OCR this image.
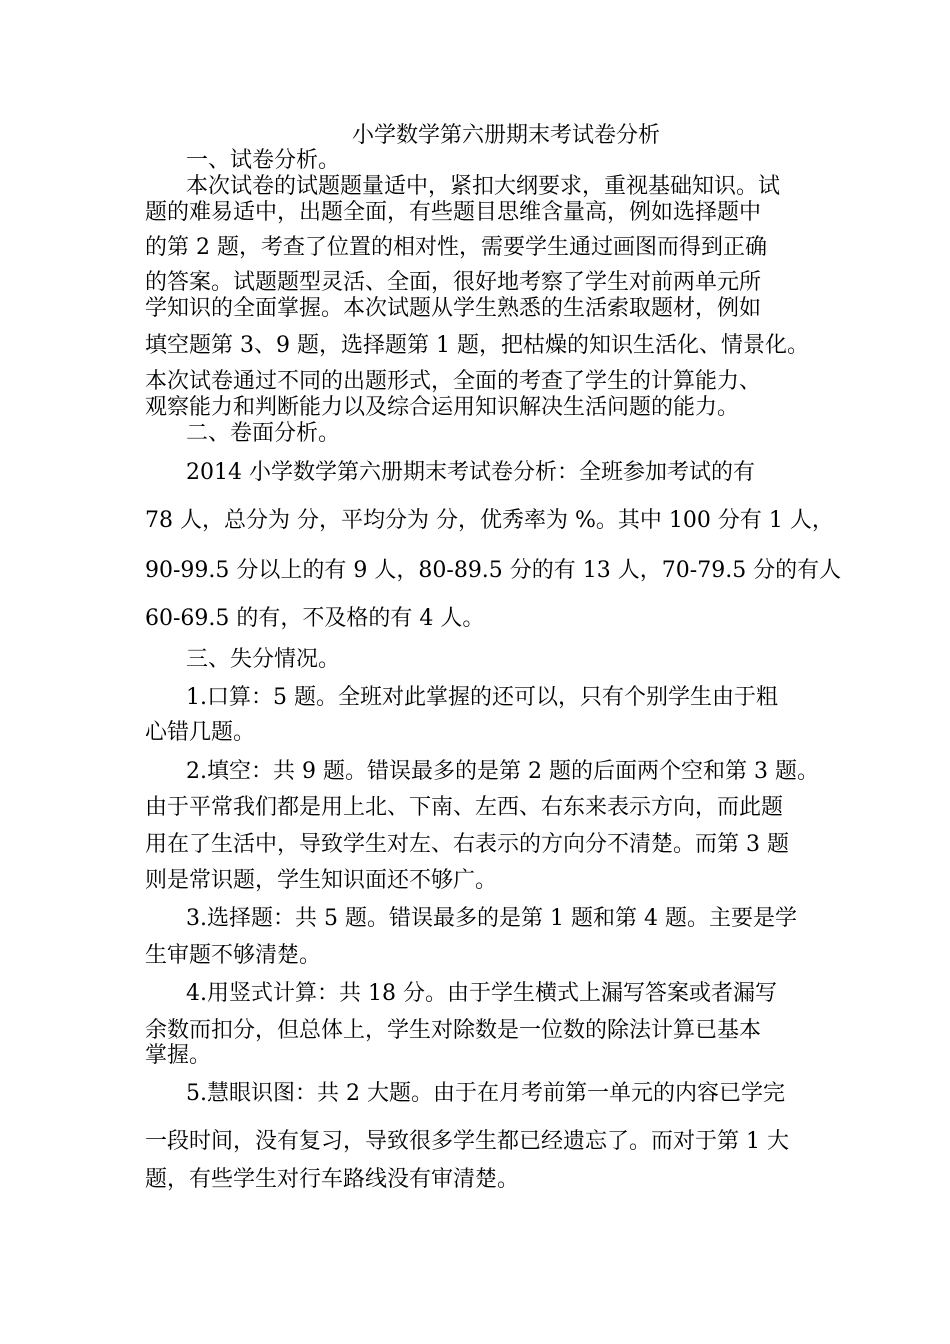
小学数学第六册期末考试卷分析

一、试卷分析。

本次试卷的试题题量适中，紧扣大纲要求，重视基础知识。试

题的难易适中，出题全面，有些题目思维含量高，例如选择题中

的第 2 题，考查了位置的相对性，需要学生通过画图而得到正确

的答案。试题题型灵活、全面，很好地考察了学生对前两单元所

学知识的全面掌握。本次试题从学生熟悉的生活索取题材，例如

填空题第 3、9 题，选择题第 1 题，把枯燥的知识生活化、情景化。

本次试卷通过不同的出题形式，全面的考查了学生的计算能力、

观察能力和判断能力以及综合运用知识解决生活问题的能力。

二、卷面分析。

2014 小学数学第六册期末考试卷分析：全班参加考试的有

78 人，总分为 分，平均分为 分，优秀率为 %。其中 100 分有 1 人，

90-99.5 分以上的有 9 人，80-89.5 分的有 13 人，70-79.5 分的有人

60-69.5 的有，不及格的有 4 人。

三、失分情况。

1.口算：5 题。全班对此掌握的还可以，只有个别学生由于粗

心错几题。

2.填空：共 9 题。错误最多的是第 2 题的后面两个空和第 3 题。

由于平常我们都是用上北、下南、左西、右东来表示方向，而此题

用在了生活中，导致学生对左、右表示的方向分不清楚。而第 3 题

则是常识题，学生知识面还不够广。

3.选择题：共 5 题。错误最多的是第 1 题和第 4 题。主要是学

生审题不够清楚。

4.用竖式计算：共 18 分。由于学生横式上漏写答案或者漏写

余数而扣分，但总体上，学生对除数是一位数的除法计算已基本

掌握。

5.慧眼识图：共 2 大题。由于在月考前第一单元的内容已学完

一段时间，没有复习，导致很多学生都已经遗忘了。而对于第 1 大

题，有些学生对行车路线没有审清楚。
